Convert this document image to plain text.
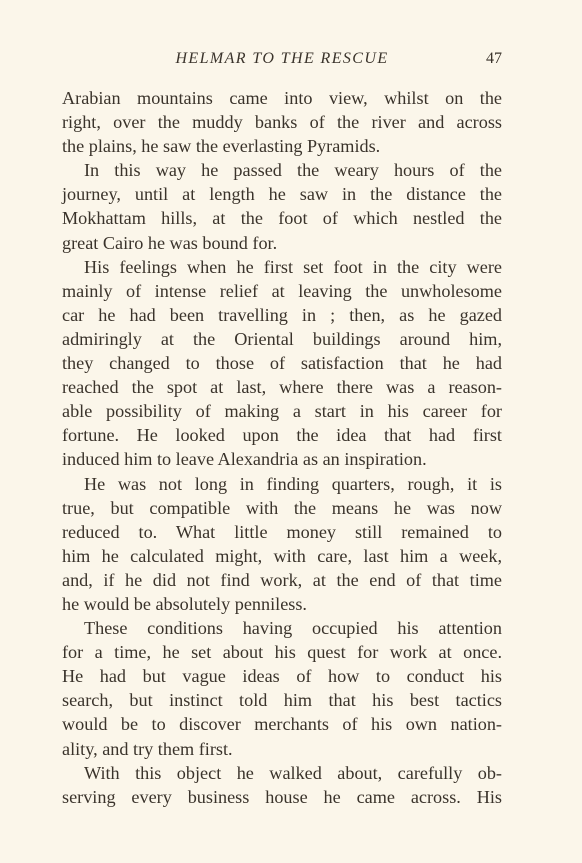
HELMAR TO THE RESCUE	47

Arabian mountains came into view, whilst on the
right, over the muddy banks of the river and across
the plains, he saw the everlasting Pyramids.

In this way he passed the weary hours of the
journey, until at length he saw in the distance the
Mokhattam hills, at the foot of which nestled the
great Cairo he was bound for.

His feelings when he first set foot in the city were
mainly of intense relief at leaving the unwholesome
car he had been travelling in ; then, as he gazed
admiringly at the Oriental buildings around him,
they changed to those of satisfaction that he had
reached the spot at last, where there was a reason-
able possibility of making a start in his career for
fortune. He looked upon the idea that had first
induced him to leave Alexandria as an inspiration.

He was not long in finding quarters, rough, it is
true, but compatible with the means he was now
reduced to. What little money still remained to
him he calculated might, with care, last him a week,
and, if he did not find work, at the end of that time
he would be absolutely penniless.

These conditions having occupied his attention
for a time, he set about his quest for work at once.
He had but vague ideas of how to conduct his
search, but instinct told him that his best tactics
would be to discover merchants of his own nation-
ality, and try them first.

With this object he walked about, carefully ob-
serving every business house he came across. His
